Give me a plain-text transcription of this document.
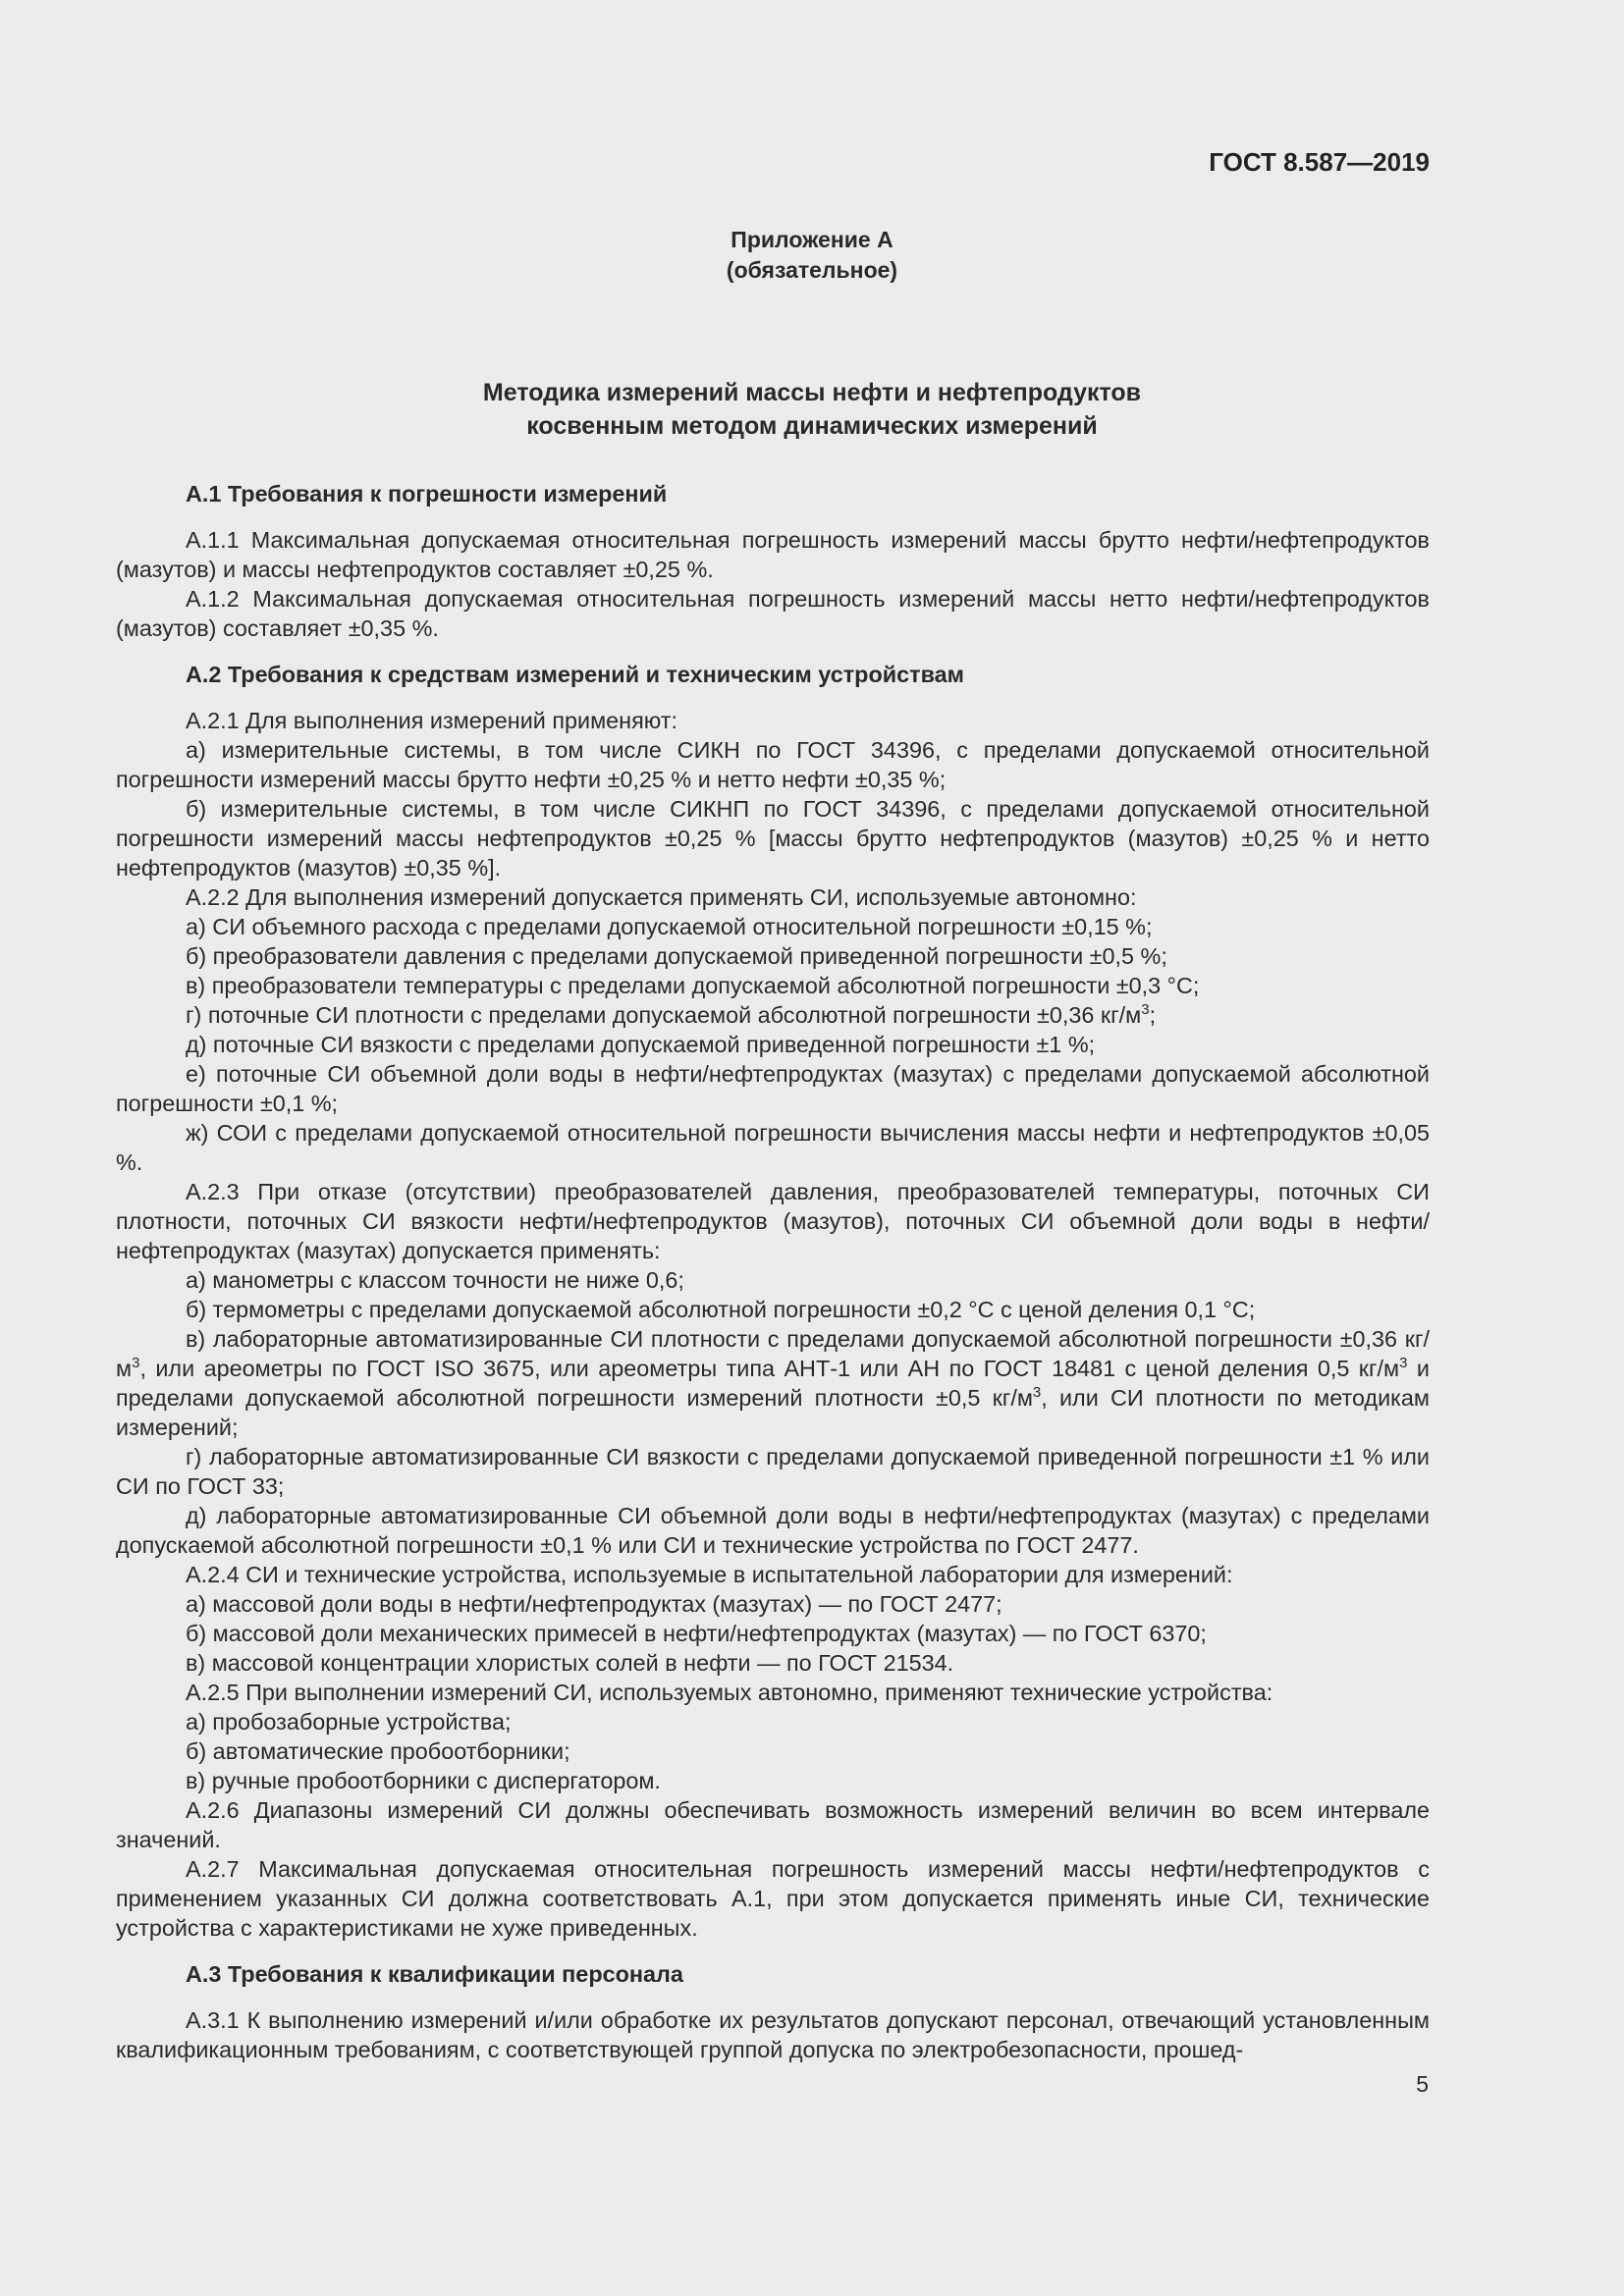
ГОСТ 8.587—2019
Приложение А
(обязательное)
Методика измерений массы нефти и нефтепродуктов
косвенным методом динамических измерений
А.1 Требования к погрешности измерений

А.1.1 Максимальная допускаемая относительная погрешность измерений массы брутто нефти/нефтепродуктов (мазутов) и массы нефтепродуктов составляет ±0,25 %.

А.1.2 Максимальная допускаемая относительная погрешность измерений массы нетто нефти/нефтепродуктов (мазутов) составляет ±0,35 %.

А.2 Требования к средствам измерений и техническим устройствам

А.2.1 Для выполнения измерений применяют:

а) измерительные системы, в том числе СИКН по ГОСТ 34396, с пределами допускаемой относительной погрешности измерений массы брутто нефти ±0,25 % и нетто нефти ±0,35 %;

б) измерительные системы, в том числе СИКНП по ГОСТ 34396, с пределами допускаемой относительной погрешности измерений массы нефтепродуктов ±0,25 % [массы брутто нефтепродуктов (мазутов) ±0,25 % и нетто нефтепродуктов (мазутов) ±0,35 %].

А.2.2 Для выполнения измерений допускается применять СИ, используемые автономно:

а) СИ объемного расхода с пределами допускаемой относительной погрешности ±0,15 %;

б) преобразователи давления с пределами допускаемой приведенной погрешности ±0,5 %;

в) преобразователи температуры с пределами допускаемой абсолютной погрешности ±0,3 °С;

г) поточные СИ плотности с пределами допускаемой абсолютной погрешности ±0,36 $кг/м^3$;

д) поточные СИ вязкости с пределами допускаемой приведенной погрешности ±1 %;

е) поточные СИ объемной доли воды в нефти/нефтепродуктах (мазутах) с пределами допускаемой абсолютной погрешности ±0,1 %;

ж) СОИ с пределами допускаемой относительной погрешности вычисления массы нефти и нефтепродуктов ±0,05 %.

А.2.3 При отказе (отсутствии) преобразователей давления, преобразователей температуры, поточных СИ плотности, поточных СИ вязкости нефти/нефтепродуктов (мазутов), поточных СИ объемной доли воды в нефти/нефтепродуктах (мазутах) допускается применять:

а) манометры с классом точности не ниже 0,6;

б) термометры с пределами допускаемой абсолютной погрешности ±0,2 °С с ценой деления 0,1 °С;

в) лабораторные автоматизированные СИ плотности с пределами допускаемой абсолютной погрешности ±0,36 $кг/м^3$, или ареометры по ГОСТ ISO 3675, или ареометры типа АНТ-1 или АН по ГОСТ 18481 с ценой деления 0,5 $кг/м^3$ и пределами допускаемой абсолютной погрешности измерений плотности ±0,5 $кг/м^3$, или СИ плотности по методикам измерений;

г) лабораторные автоматизированные СИ вязкости с пределами допускаемой приведенной погрешности ±1 % или СИ по ГОСТ 33;

д) лабораторные автоматизированные СИ объемной доли воды в нефти/нефтепродуктах (мазутах) с пределами допускаемой абсолютной погрешности ±0,1 % или СИ и технические устройства по ГОСТ 2477.

А.2.4 СИ и технические устройства, используемые в испытательной лаборатории для измерений:

а) массовой доли воды в нефти/нефтепродуктах (мазутах) — по ГОСТ 2477;

б) массовой доли механических примесей в нефти/нефтепродуктах (мазутах) — по ГОСТ 6370;

в) массовой концентрации хлористых солей в нефти — по ГОСТ 21534.

А.2.5 При выполнении измерений СИ, используемых автономно, применяют технические устройства:

а) пробозаборные устройства;

б) автоматические пробоотборники;

в) ручные пробоотборники с диспергатором.

А.2.6 Диапазоны измерений СИ должны обеспечивать возможность измерений величин во всем интервале значений.

А.2.7 Максимальная допускаемая относительная погрешность измерений массы нефти/нефтепродуктов с применением указанных СИ должна соответствовать А.1, при этом допускается применять иные СИ, технические устройства с характеристиками не хуже приведенных.

А.3 Требования к квалификации персонала

А.3.1 К выполнению измерений и/или обработке их результатов допускают персонал, отвечающий установленным квалификационным требованиям, с соответствующей группой допуска по электробезопасности, прошед-

5
